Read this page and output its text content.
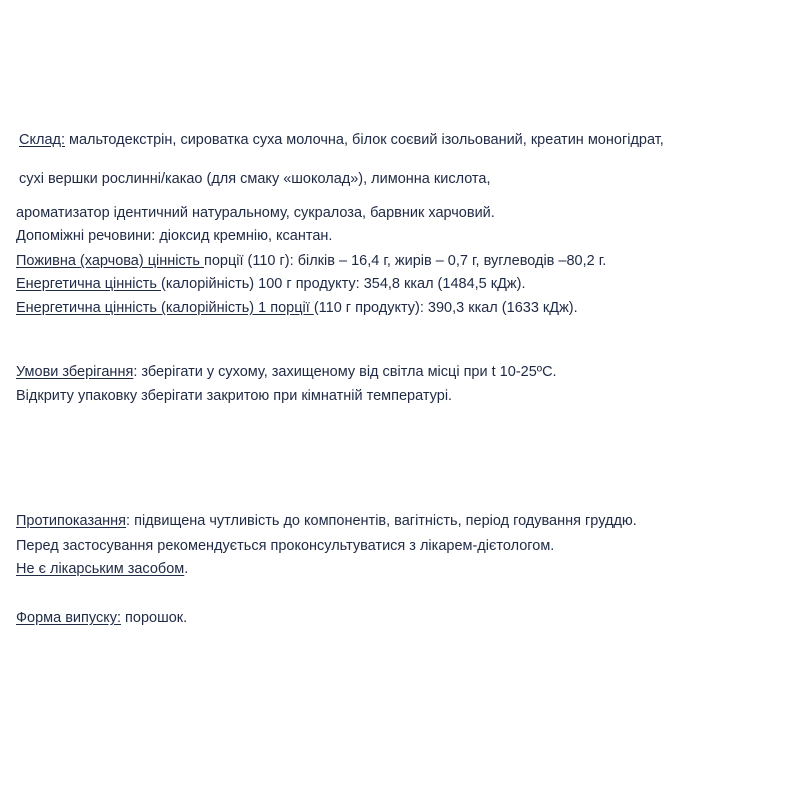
Склад: мальтодекстрін, сироватка суха молочна, білок соєвий ізольований, креатин моногідрат,

сухі вершки рослинні/какао (для смаку «шоколад»), лимонна кислота,

ароматизатор ідентичний натуральному, сукралоза, барвник харчовий.

Допоміжні речовини: діоксид кремнію, ксантан.

Поживна (харчова) цінність порції (110 г): білків – 16,4 г, жирів – 0,7 г, вуглеводів –80,2 г.

Енергетична цінність (калорійність) 100 г продукту: 354,8 ккал (1484,5 кДж).

Енергетична цінність (калорійність) 1 порції (110 г продукту): 390,3 ккал (1633 кДж).

Умови зберігання: зберігати у сухому, захищеному від світла місці при t 10-25ºС.

Відкриту упаковку зберігати закритою при кімнатній температурі.

Протипоказання: підвищена чутливість до компонентів, вагітність, період годування груддю.

Перед застосування рекомендується проконсультуватися з лікарем-дієтологом.

Не є лікарським засобом.

Форма випуску: порошок.
